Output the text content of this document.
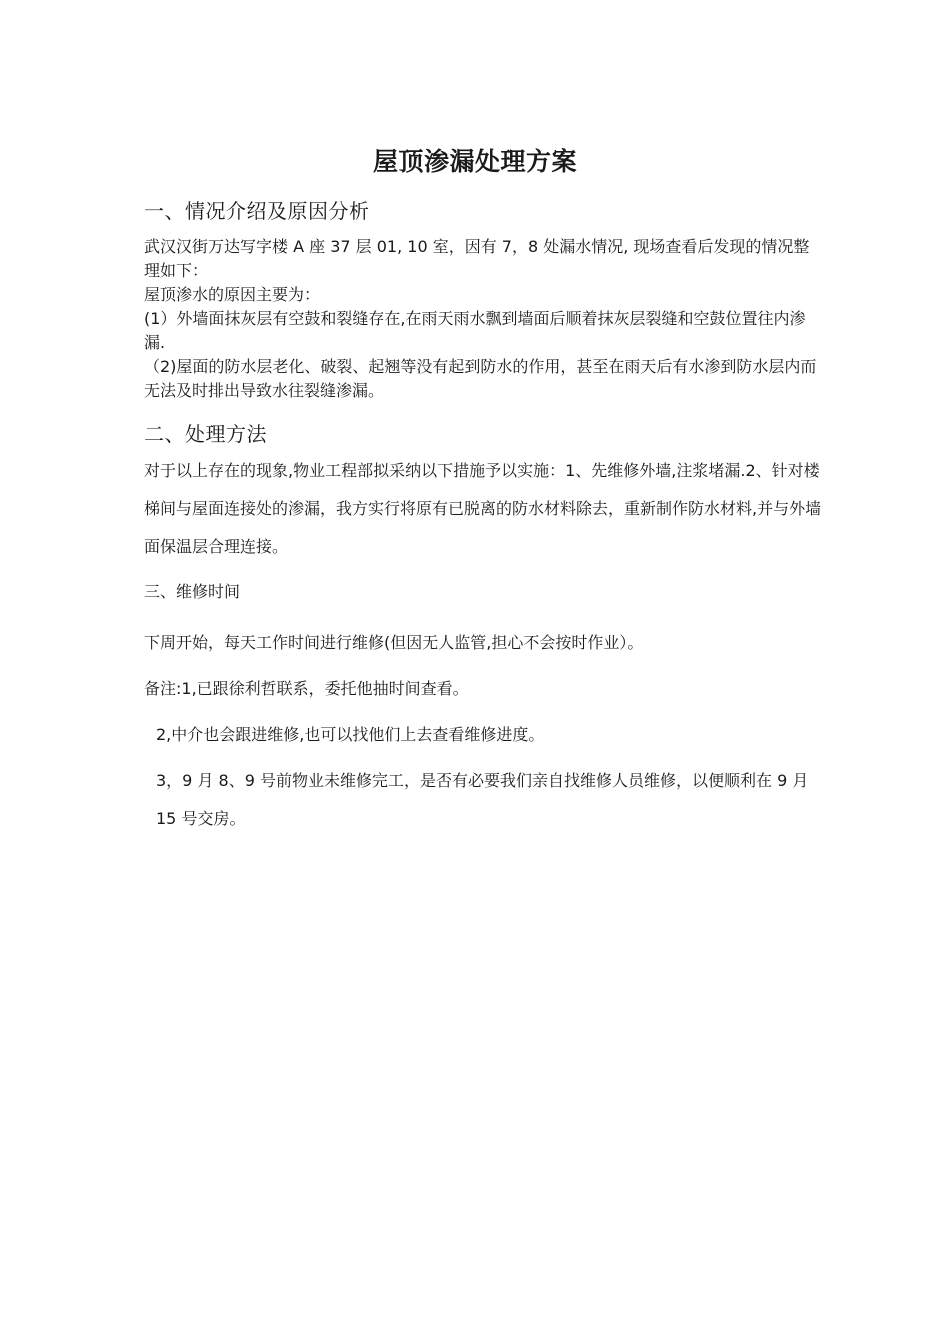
屋顶渗漏处理方案
一、情况介绍及原因分析

武汉汉街万达写字楼 A 座 37 层 01, 10 室，因有 7，8 处漏水情况, 现场查看后发现的情况整理如下：

屋顶渗水的原因主要为：

(1）外墙面抹灰层有空鼓和裂缝存在,在雨天雨水飘到墙面后顺着抹灰层裂缝和空鼓位置往内渗漏.

（2)屋面的防水层老化、破裂、起翘等没有起到防水的作用，甚至在雨天后有水渗到防水层内而无法及时排出导致水往裂缝渗漏。

二、处理方法

对于以上存在的现象,物业工程部拟采纳以下措施予以实施：1、先维修外墙,注浆堵漏.2、针对楼梯间与屋面连接处的渗漏，我方实行将原有已脱离的防水材料除去，重新制作防水材料,并与外墙面保温层合理连接。

三、维修时间

下周开始，每天工作时间进行维修(但因无人监管,担心不会按时作业）。

备注:1,已跟徐利哲联系，委托他抽时间查看。

2,中介也会跟进维修,也可以找他们上去查看维修进度。

3，9 月 8、9 号前物业未维修完工，是否有必要我们亲自找维修人员维修，以便顺利在 9 月 15 号交房。
